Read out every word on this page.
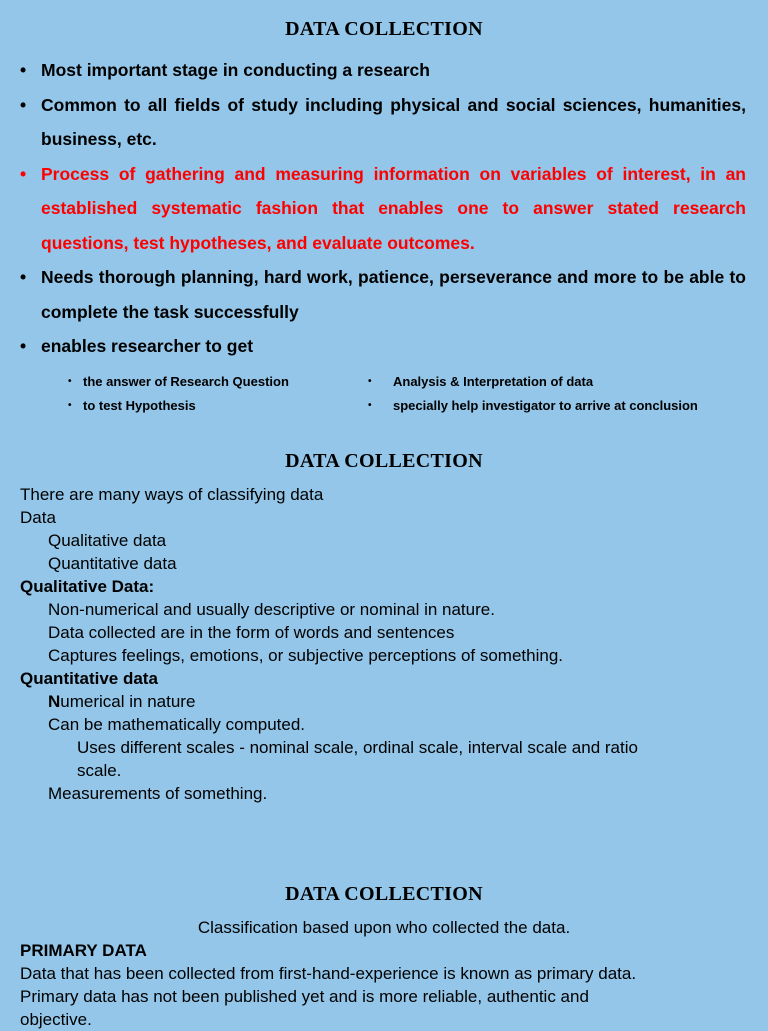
DATA COLLECTION
• Most important stage in conducting a research
• Common to all fields of study including physical and social sciences, humanities, business, etc.
• Process of gathering and measuring information on variables of interest, in an established systematic fashion that enables one to answer stated research questions, test hypotheses, and evaluate outcomes.
• Needs thorough planning, hard work, patience, perseverance and more to be able to complete the task successfully
• enables researcher to get
• the answer of Research Question	• Analysis & Interpretation of data
• to test Hypothesis	• specially help investigator to arrive at conclusion
DATA COLLECTION
There are many ways of classifying data
Data
Qualitative data
Quantitative data
Qualitative Data:
Non-numerical and usually descriptive or nominal in nature.
Data collected are in the form of words and sentences
Captures feelings, emotions, or subjective perceptions of something.
Quantitative data
Numerical in nature
Can be mathematically computed.
Uses different scales - nominal scale, ordinal scale, interval scale and ratio
scale.
Measurements of something.
DATA COLLECTION
Classification based upon who collected the data.
PRIMARY DATA
Data that has been collected from first-hand-experience is known as primary data.
Primary data has not been published yet and is more reliable, authentic and
objective.
